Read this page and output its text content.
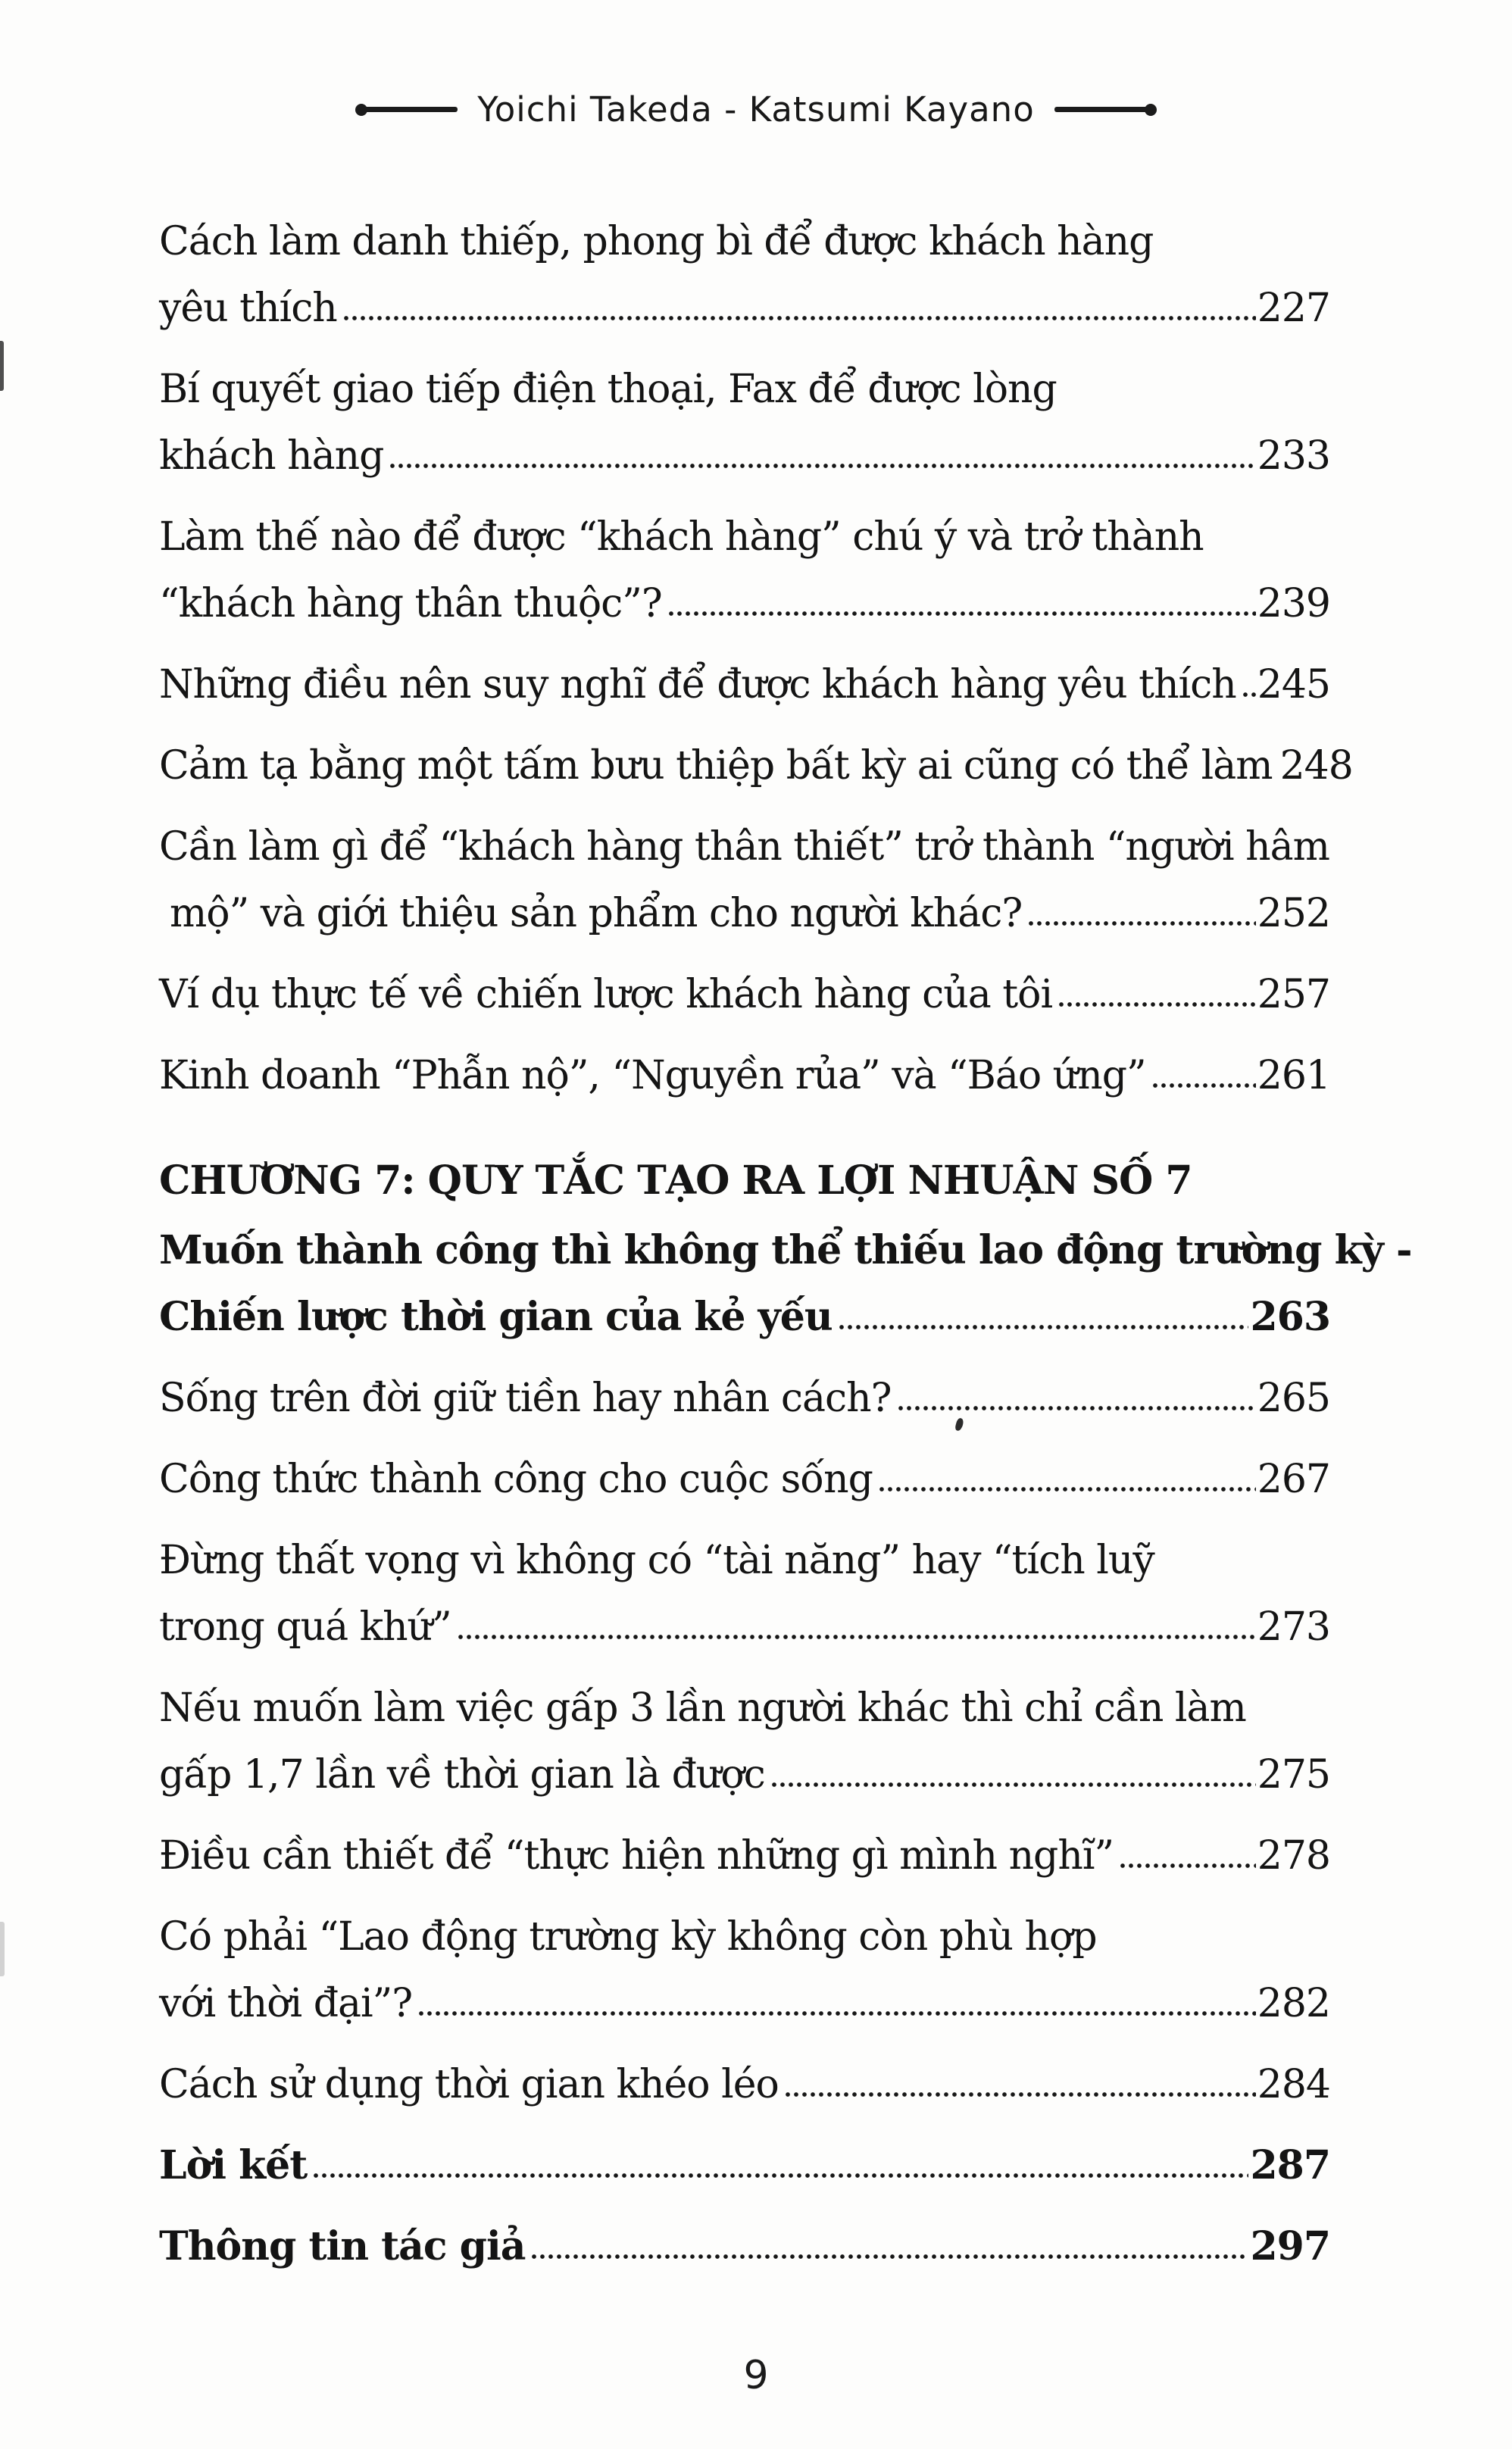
Yoichi Takeda - Katsumi Kayano
Cách làm danh thiếp, phong bì để được khách hàng
yêu thích	227
Bí quyết giao tiếp điện thoại, Fax để được lòng
khách hàng	233
Làm thế nào để được “khách hàng” chú ý và trở thành
“khách hàng thân thuộc”?	239
Những điều nên suy nghĩ để được khách hàng yêu thích 245
Cảm tạ bằng một tấm bưu thiệp bất kỳ ai cũng có thể làm 248
Cần làm gì để “khách hàng thân thiết” trở thành “người hâm
mộ” và giới thiệu sản phẩm cho người khác?	252
Ví dụ thực tế về chiến lược khách hàng của tôi	257
Kinh doanh “Phẫn nộ”, “Nguyền rủa” và “Báo ứng”	261
CHƯƠNG 7: QUY TẮC TẠO RA LỢI NHUẬN SỐ 7
Muốn thành công thì không thể thiếu lao động trường kỳ -
Chiến lược thời gian của kẻ yếu	263
Sống trên đời giữ tiền hay nhân cách?	265
Công thức thành công cho cuộc sống	267
Đừng thất vọng vì không có “tài năng” hay “tích luỹ
trong quá khứ”	273
Nếu muốn làm việc gấp 3 lần người khác thì chỉ cần làm
gấp 1,7 lần về thời gian là được	275
Điều cần thiết để “thực hiện những gì mình nghĩ”	278
Có phải “Lao động trường kỳ không còn phù hợp
với thời đại”?	282
Cách sử dụng thời gian khéo léo	284
Lời kết	287
Thông tin tác giả	297
9
